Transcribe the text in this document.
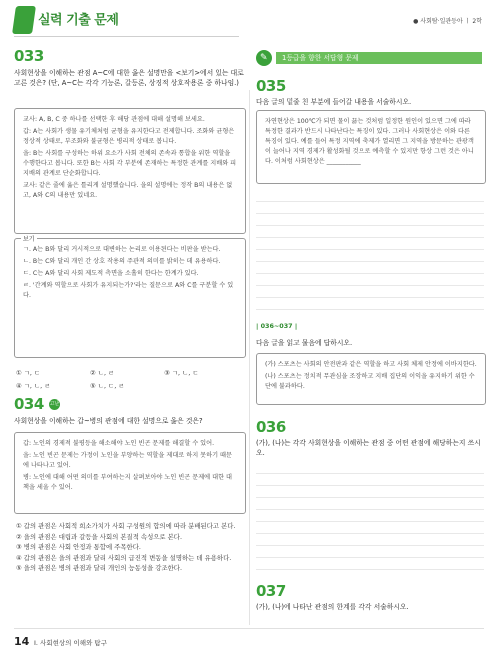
실력 기출 문제	● 사회탐·일관등아 ㅣ 2학
033
사회현상을 이해하는 관점 A~C에 대한 옳은 설명만을 <보기>에서 있는 대로 고른 것은? (단, A~C는 각각 기능론, 갈등론, 상징적 상호작용론 중 하나임.)
교사: A, B, C 중 하나를 선택한 후 해당 관점에 대해 설명해 보세요.
갑: A는 사회가 생물 유기체처럼 균형을 유지한다고 전제합니다. 조화와 균형은 정상적 상태로, 부조화와 불균형은 병리적 상태로 봅니다.
을: B는 사회를 구성하는 하위 요소가 사회 전체의 존속과 통합을 위한 역할을 수행한다고 봅니다. 또한 B는 사회 각 부분에 존재하는 특정한 관계를 지배와 피지배의 관계로 단순화합니다.
교사: 같은 줄에 옳은 틀리게 설명했습니다. 을의 설명에는 정작 B의 내용은 없고, A와 C의 내용만 있네요.
보기
ㄱ. A는 B와 달리 거시적으로 대변하는 논리로 이용된다는 비판을 받는다.
ㄴ. B는 C와 달리 개인 간 상호 작용의 주관적 의미를 밝히는 데 유용하다.
ㄷ. C는 A와 달리 사회 제도적 측면을 소홀히 한다는 한계가 있다.
ㄹ. '간계와 역할으로 사회가 유지되는가?'라는 질문으로 A와 C를 구분할 수 있다.
① ㄱ, ㄷ	② ㄴ, ㄹ	③ ㄱ, ㄴ, ㄷ
④ ㄱ, ㄴ, ㄹ	⑤ ㄴ, ㄷ, ㄹ
034 고난
사회현상을 이해하는 갑~병의 관점에 대한 설명으로 옳은 것은?
갑: 노인의 경제적 불평등을 해소해야 노인 빈곤 문제를 해결할 수 있어.
을: 노인 빈곤 문제는 가정이 노인을 부양하는 역할을 제대로 하지 못하기 때문에 나타나고 있어.
병: 노인에 대해 어떤 의미를 부여하는지 살펴보아야 노인 빈곤 문제에 대한 대책을 세울 수 있어.
① 갑의 관점은 사회적 희소가치가 사회 구성원의 합의에 따라 분배된다고 본다.
② 을의 관점은 대립과 갈등을 사회의 본질적 속성으로 본다.
③ 병의 관점은 사회 안정과 통합에 주목한다.
④ 갑의 관점은 을의 관점과 달리 사회의 급진적 변동을 설명하는 데 유용하다.
⑤ 을의 관점은 병의 관점과 달리 개인의 능동성을 강조한다.
✎	1등급을 향한 서답형 문제
035
다음 글의 밑줄 친 부분에 들어갈 내용을 서술하시오.
자연현상은 100℃가 되면 물이 끓는 것처럼 일정한 원인이 있으면 그에 따라 특정한 결과가 반드시 나타난다는 특징이 있다. 그러나 사회현상은 이와 다른 특징이 있다. 예를 들어 특정 지역에 축제가 열리면 그 지역을 방문하는 관광객이 늘어나 지역 경제가 활성화될 것으로 예측할 수 있지만 항상 그런 것은 아니다. 이처럼 사회현상은 ___________
| 036~037 |
다음 글을 읽고 물음에 답하시오.
(가) 스포츠는 사회의 안전판과 같은 역할을 하고 사회 체제 안정에 이바지한다.
(나) 스포츠는 정치적 무관심을 조장하고 지배 집단의 이익을 유지하기 위한 수단에 불과하다.
036
(가), (나)는 각각 사회현상을 이해하는 관점 중 어떤 관점에 해당하는지 쓰시오.
037
(가), (나)에 나타난 관점의 한계를 각각 서술하시오.
14 Ⅰ. 사회현상의 이해와 탐구
